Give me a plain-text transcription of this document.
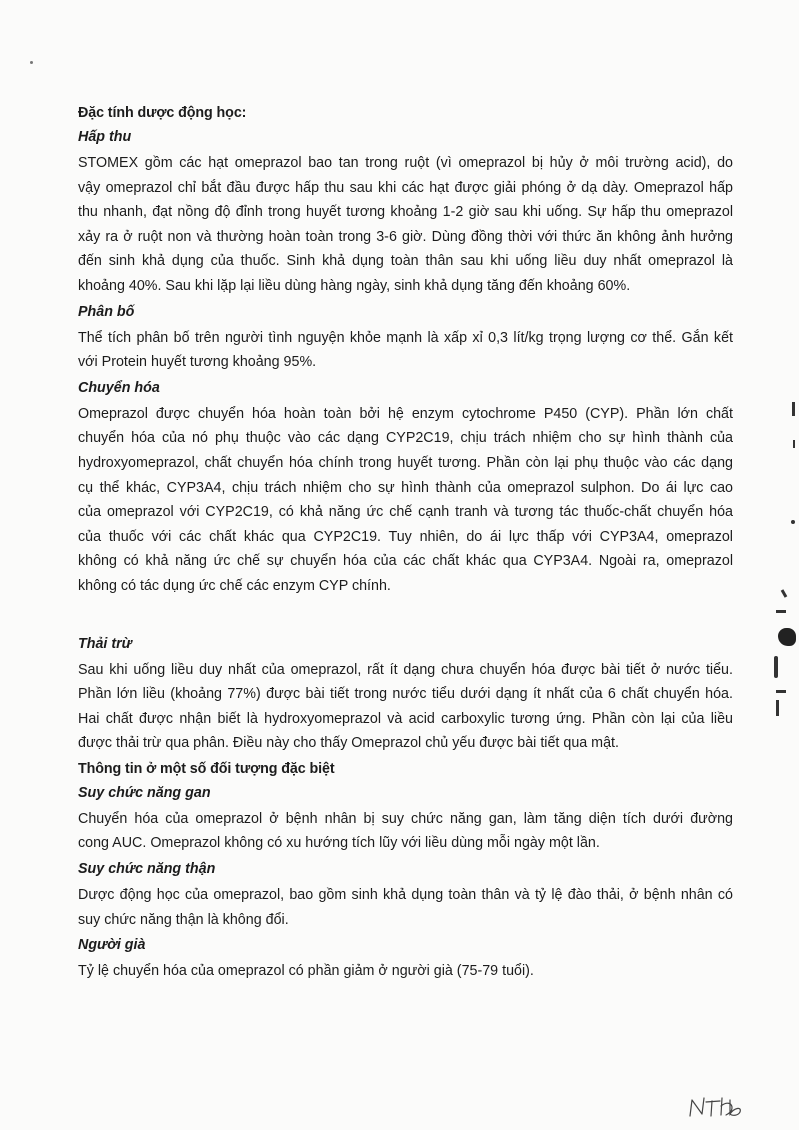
Đặc tính dược động học:
Hấp thu
STOMEX gồm các hạt omeprazol bao tan trong ruột (vì omeprazol bị hủy ở môi trường acid), do
vậy omeprazol chỉ bắt đầu được hấp thu sau khi các hạt được giải phóng ở dạ dày. Omeprazol hấp
thu nhanh, đạt nồng độ đỉnh trong huyết tương khoảng 1-2 giờ sau khi uống. Sự hấp thu omeprazol
xảy ra ở ruột non và thường hoàn toàn trong 3-6 giờ. Dùng đồng thời với thức ăn không ảnh hưởng
đến sinh khả dụng của thuốc. Sinh khả dụng toàn thân sau khi uống liều duy nhất omeprazol là
khoảng 40%. Sau khi lặp lại liều dùng hàng ngày, sinh khả dụng tăng đến khoảng 60%.
Phân bố
Thể tích phân bố trên người tình nguyện khỏe mạnh là xấp xỉ 0,3 lít/kg trọng lượng cơ thể. Gắn kết
với Protein huyết tương khoảng 95%.
Chuyển hóa
Omeprazol được chuyển hóa hoàn toàn bởi hệ enzym cytochrome P450 (CYP). Phần lớn chất
chuyển hóa của nó phụ thuộc vào các dạng CYP2C19, chịu trách nhiệm cho sự hình thành của
hydroxyomeprazol, chất chuyển hóa chính trong huyết tương. Phần còn lại phụ thuộc vào các dạng
cụ thể khác, CYP3A4, chịu trách nhiệm cho sự hình thành của omeprazol sulphon. Do ái lực cao
của omeprazol với CYP2C19, có khả năng ức chế cạnh tranh và tương tác thuốc-chất chuyển hóa
của thuốc với các chất khác qua CYP2C19. Tuy nhiên, do ái lực thấp với CYP3A4, omeprazol
không có khả năng ức chế sự chuyển hóa của các chất khác qua CYP3A4. Ngoài ra, omeprazol
không có tác dụng ức chế các enzym CYP chính.
Thải trừ
Sau khi uống liều duy nhất của omeprazol, rất ít dạng chưa chuyển hóa được bài tiết ở nước tiểu.
Phần lớn liều (khoảng 77%) được bài tiết trong nước tiểu dưới dạng ít nhất của 6 chất chuyển hóa.
Hai chất được nhận biết là hydroxyomeprazol và acid carboxylic tương ứng. Phần còn lại của liều
được thải trừ qua phân. Điều này cho thấy Omeprazol chủ yếu được bài tiết qua mật.
Thông tin ở một số đối tượng đặc biệt
Suy chức năng gan
Chuyển hóa của omeprazol ở bệnh nhân bị suy chức năng gan, làm tăng diện tích dưới đường
cong AUC. Omeprazol không có xu hướng tích lũy với liều dùng mỗi ngày một lần.
Suy chức năng thận
Dược động học của omeprazol, bao gồm sinh khả dụng toàn thân và tỷ lệ đào thải, ở bệnh nhân có
suy chức năng thận là không đổi.
Người già
Tỷ lệ chuyển hóa của omeprazol có phần giảm ở người già (75-79 tuổi).
